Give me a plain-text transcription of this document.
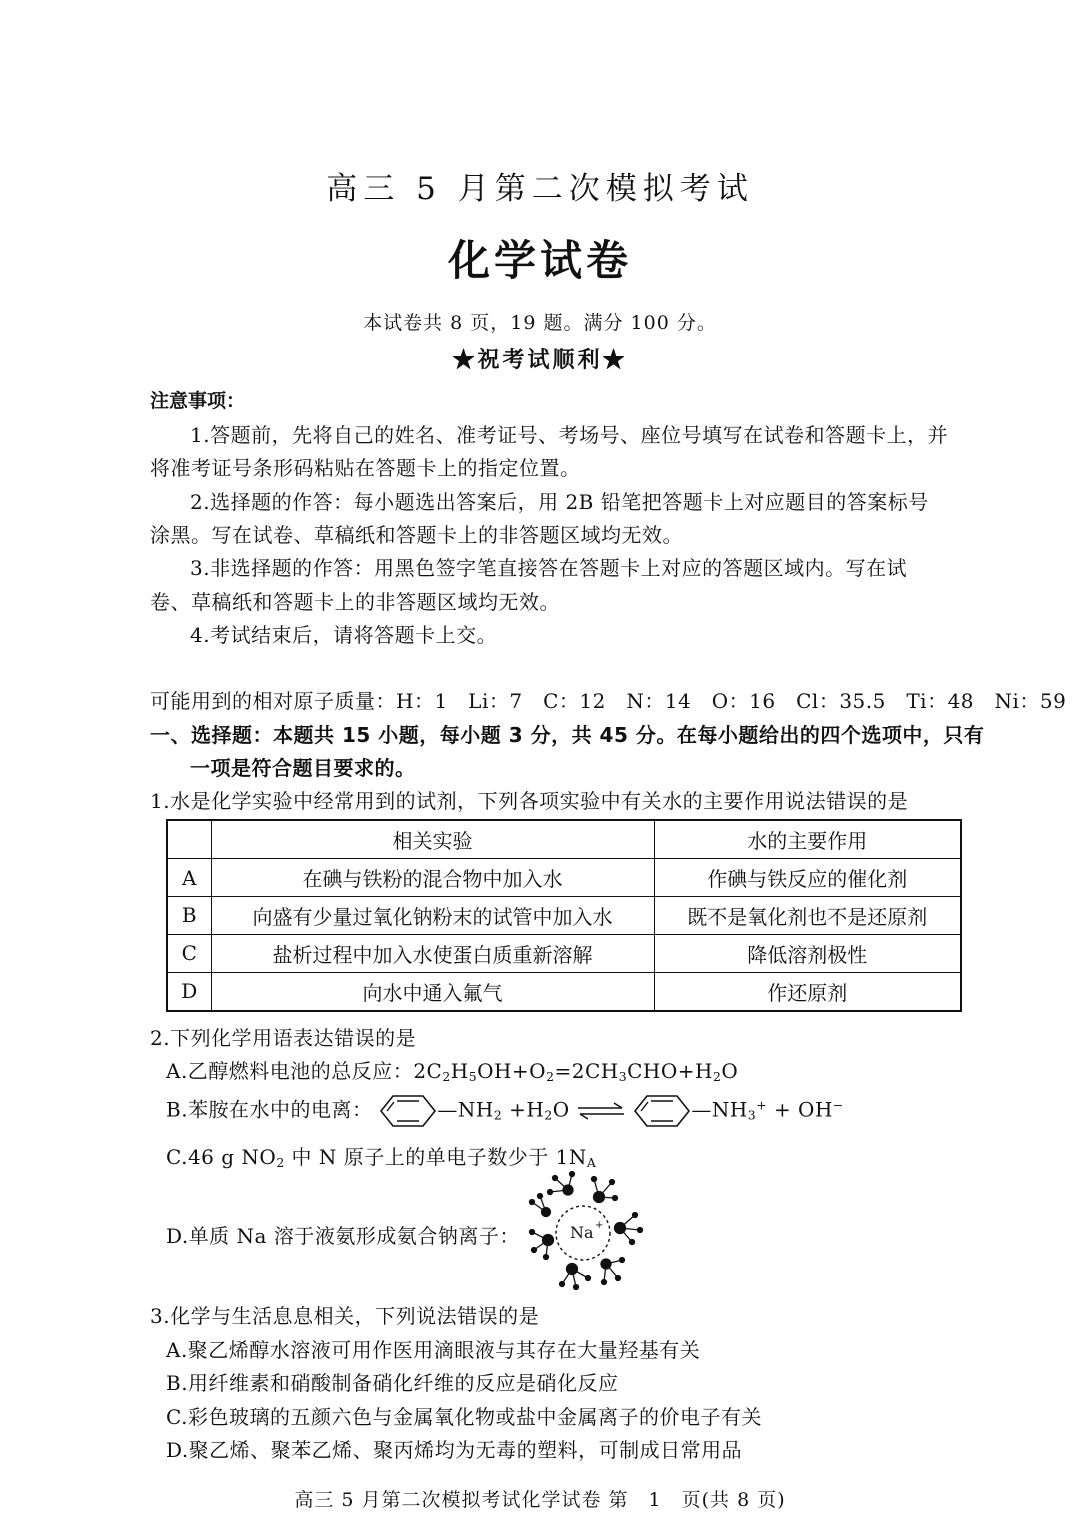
高三 5 月第二次模拟考试
化学试卷
本试卷共 8 页，19 题。满分 100 分。
★祝考试顺利★
注意事项：
1.答题前，先将自己的姓名、准考证号、考场号、座位号填写在试卷和答题卡上，并
将准考证号条形码粘贴在答题卡上的指定位置。
2.选择题的作答：每小题选出答案后，用 2B 铅笔把答题卡上对应题目的答案标号
涂黑。写在试卷、草稿纸和答题卡上的非答题区域均无效。
3.非选择题的作答：用黑色签字笔直接答在答题卡上对应的答题区域内。写在试
卷、草稿纸和答题卡上的非答题区域均无效。
4.考试结束后，请将答题卡上交。
可能用到的相对原子质量：H：1　Li：7　C：12　N：14　O：16　Cl：35.5　Ti：48　Ni：59
一、选择题：本题共 15 小题，每小题 3 分，共 45 分。在每小题给出的四个选项中，只有
一项是符合题目要求的。
1.水是化学实验中经常用到的试剂，下列各项实验中有关水的主要作用说法错误的是
	相关实验	水的主要作用
A	在碘与铁粉的混合物中加入水	作碘与铁反应的催化剂
B	向盛有少量过氧化钠粉末的试管中加入水	既不是氧化剂也不是还原剂
C	盐析过程中加入水使蛋白质重新溶解	降低溶剂极性
D	向水中通入氟气	作还原剂
2.下列化学用语表达错误的是
A.乙醇燃料电池的总反应：$2C_2H_5OH+O_2=2CH_3CHO+H_2O$
B.苯胺在水中的电离：	$—NH_2 +H_2O$ ⇌	$—NH_3^+ + OH^-$
C.46 g $NO_2$ 中 N 原子上的单电子数少于 $1N_A$
D.单质 Na 溶于液氨形成氨合钠离子：	Na +
3.化学与生活息息相关，下列说法错误的是
A.聚乙烯醇水溶液可用作医用滴眼液与其存在大量羟基有关
B.用纤维素和硝酸制备硝化纤维的反应是硝化反应
C.彩色玻璃的五颜六色与金属氧化物或盐中金属离子的价电子有关
D.聚乙烯、聚苯乙烯、聚丙烯均为无毒的塑料，可制成日常用品
高三 5 月第二次模拟考试化学试卷 第　1　页(共 8 页)
